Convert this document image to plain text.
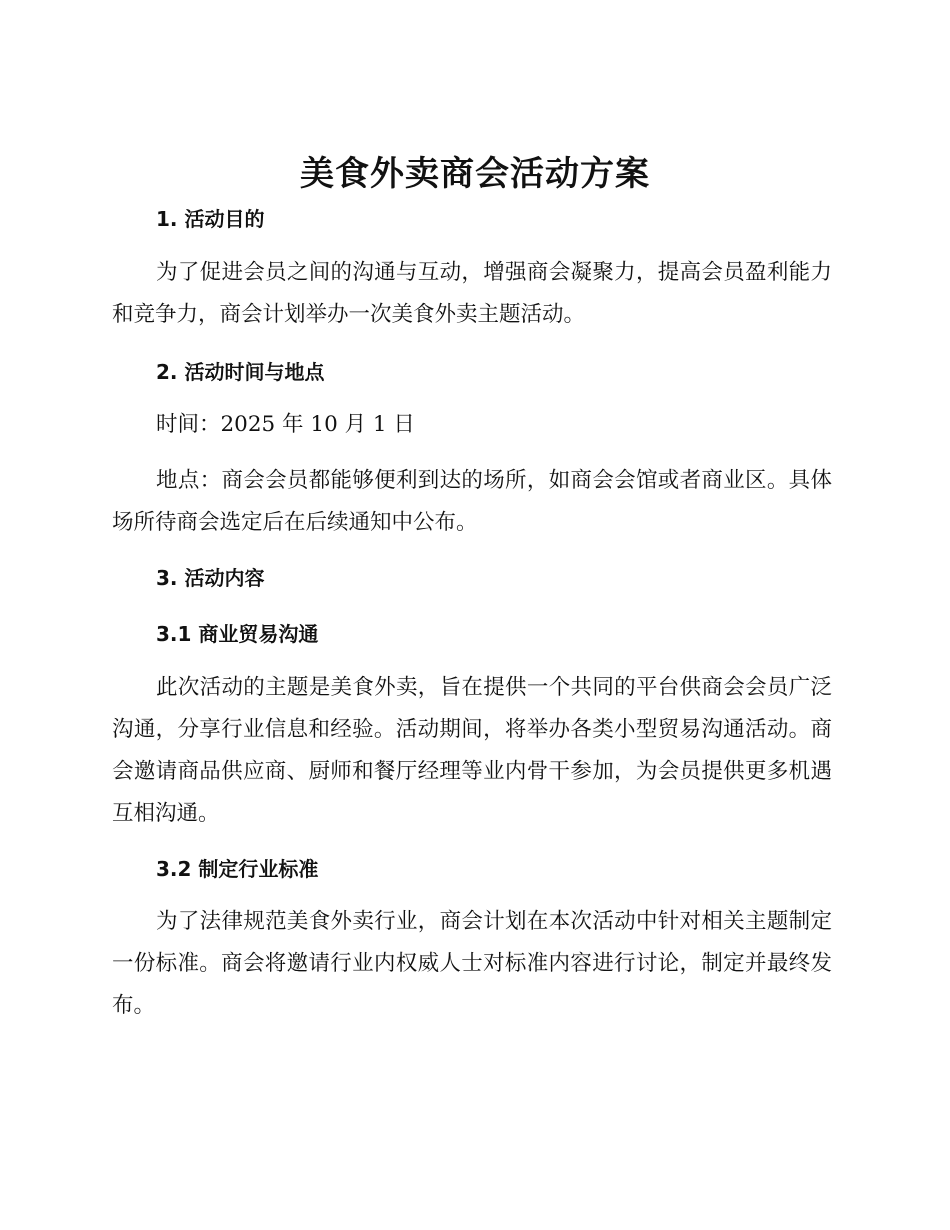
美食外卖商会活动方案
1. 活动目的

为了促进会员之间的沟通与互动，增强商会凝聚力，提高会员盈利能力和竞争力，商会计划举办一次美食外卖主题活动。

2. 活动时间与地点

时间：2025 年 10 月 1 日

地点：商会会员都能够便利到达的场所，如商会会馆或者商业区。具体场所待商会选定后在后续通知中公布。

3. 活动内容
3.1 商业贸易沟通

此次活动的主题是美食外卖，旨在提供一个共同的平台供商会会员广泛沟通，分享行业信息和经验。活动期间，将举办各类小型贸易沟通活动。商会邀请商品供应商、厨师和餐厅经理等业内骨干参加，为会员提供更多机遇互相沟通。

3.2 制定行业标准

为了法律规范美食外卖行业，商会计划在本次活动中针对相关主题制定一份标准。商会将邀请行业内权威人士对标准内容进行讨论，制定并最终发布。
